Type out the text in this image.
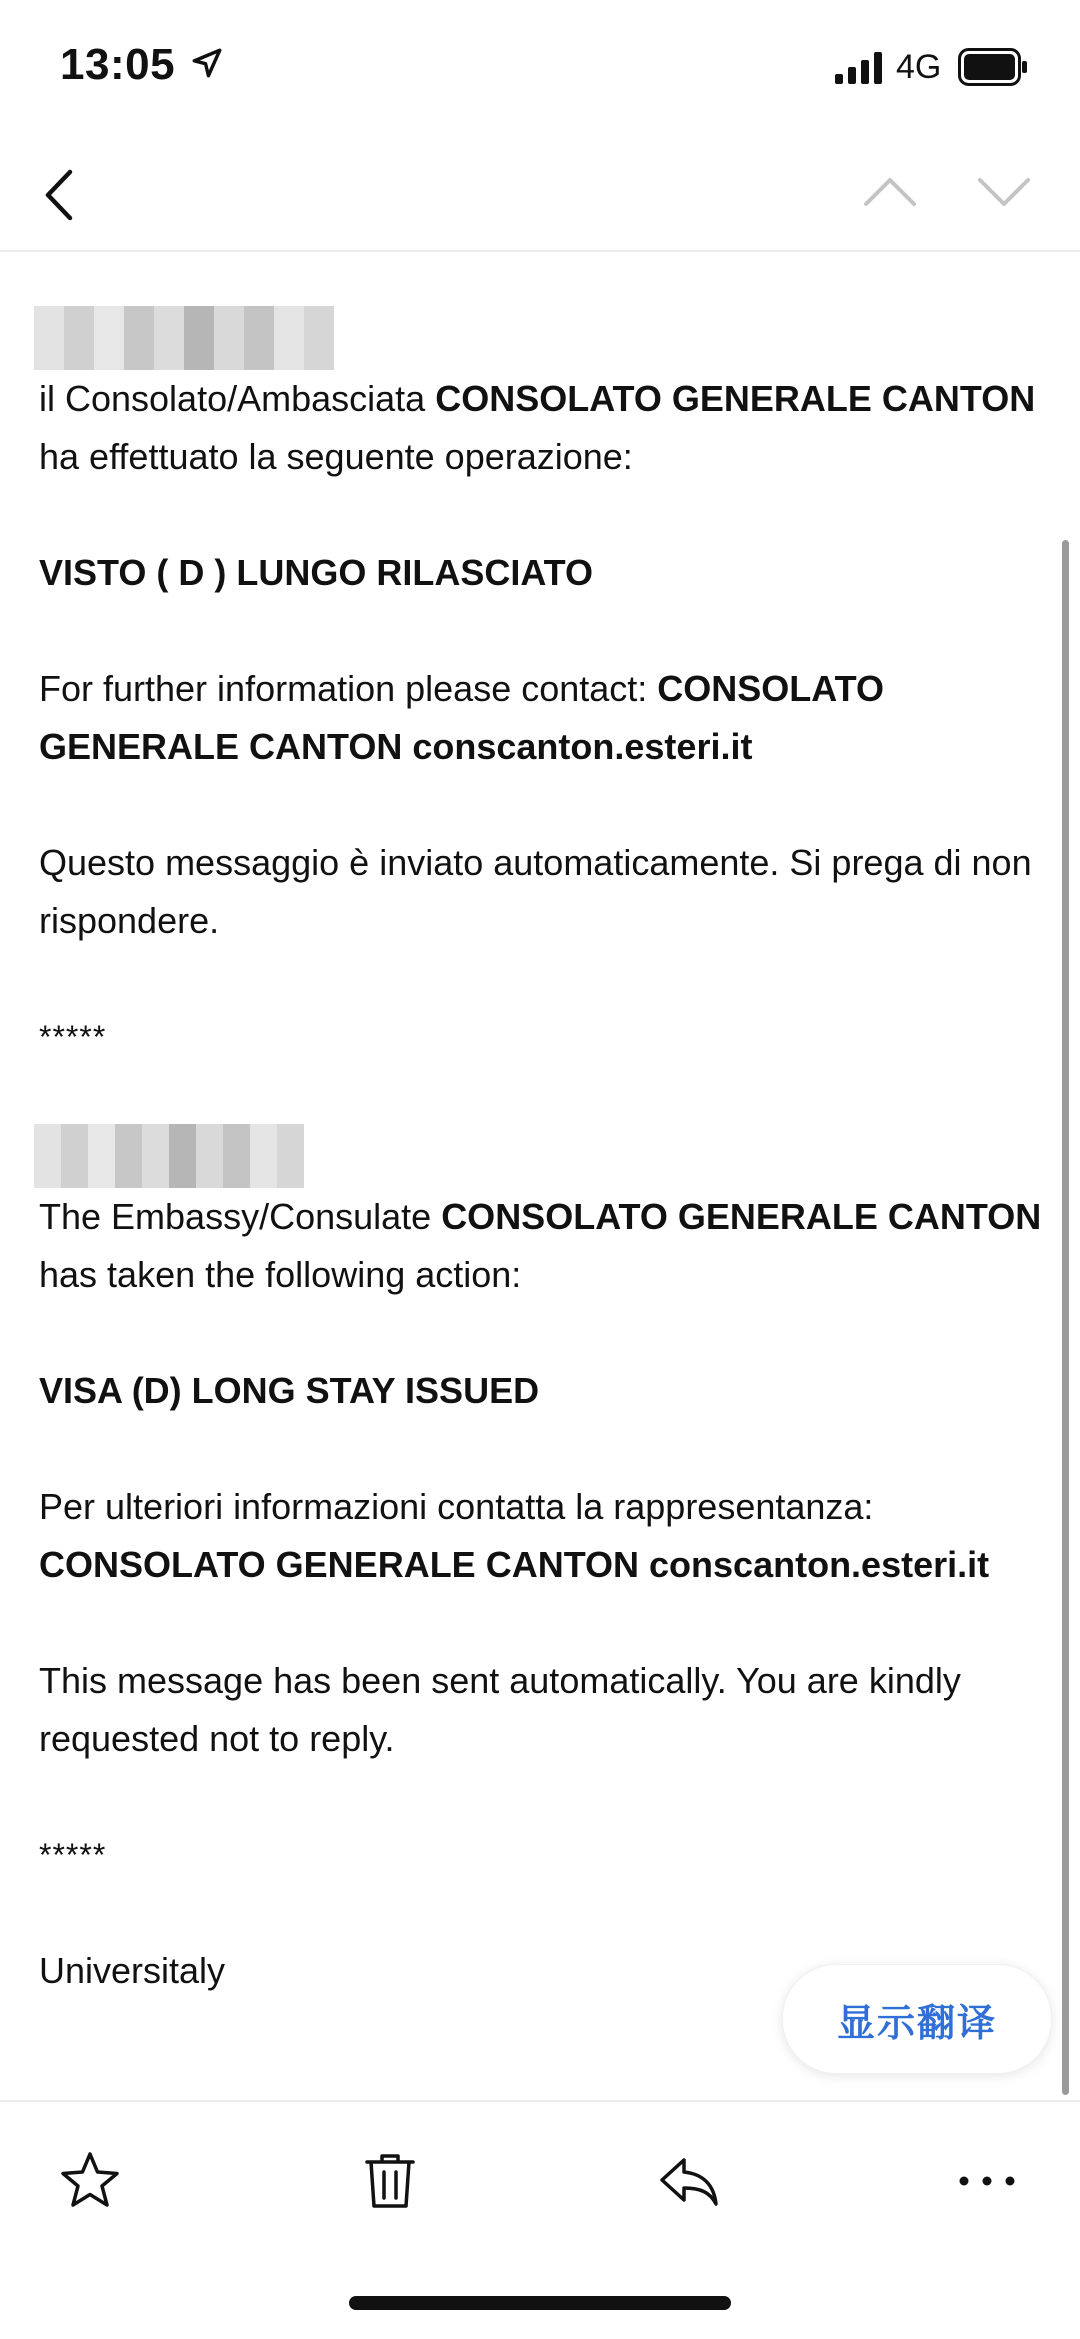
13:05	4G

il Consolato/Ambasciata CONSOLATO GENERALE CANTON ha effettuato la seguente operazione:

VISTO ( D ) LUNGO RILASCIATO

For further information please contact: CONSOLATO GENERALE CANTON conscanton.esteri.it

Questo messaggio è inviato automaticamente. Si prega di non rispondere.

*****

The Embassy/Consulate CONSOLATO GENERALE CANTON has taken the following action:

VISA (D) LONG STAY ISSUED

Per ulteriori informazioni contatta la rappresentanza: CONSOLATO GENERALE CANTON conscanton.esteri.it

This message has been sent automatically. You are kindly requested not to reply.

*****

Universitaly

显示翻译
